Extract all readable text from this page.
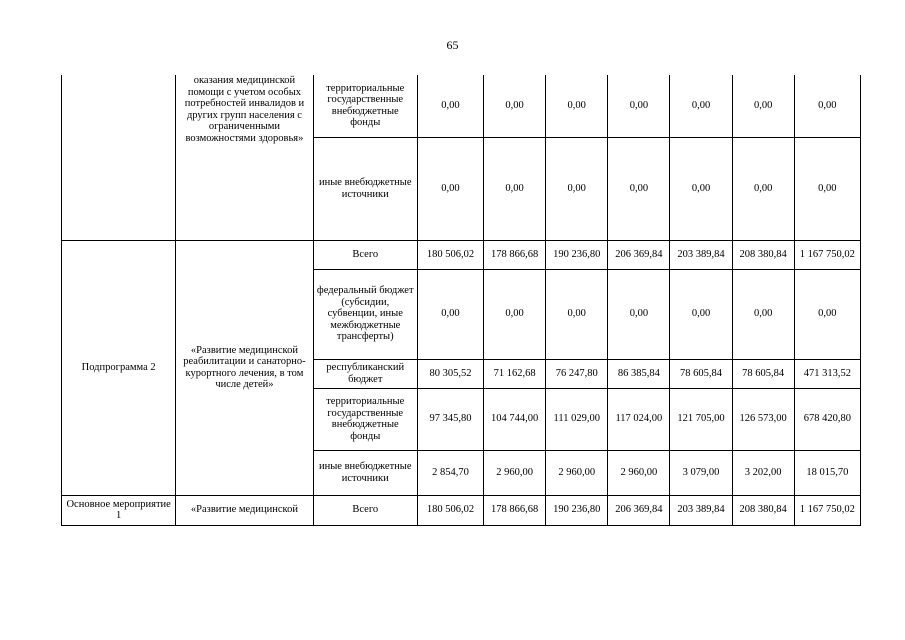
65
	оказания медицинской помощи с учетом особых потребностей инвалидов и других групп населения с ограниченными возможностями здоровья»	территориальные государственные внебюджетные фонды	0,00	0,00	0,00	0,00	0,00	0,00	0,00
		иные внебюджетные источники	0,00	0,00	0,00	0,00	0,00	0,00	0,00
Подпрограмма 2	«Развитие медицинской реабилитации и санаторно-курортного лечения, в том числе детей»	Всего	180 506,02	178 866,68	190 236,80	206 369,84	203 389,84	208 380,84	1 167 750,02
		федеральный бюджет (субсидии, субвенции, иные межбюджетные трансферты)	0,00	0,00	0,00	0,00	0,00	0,00	0,00
		республиканский бюджет	80 305,52	71 162,68	76 247,80	86 385,84	78 605,84	78 605,84	471 313,52
		территориальные государственные внебюджетные фонды	97 345,80	104 744,00	111 029,00	117 024,00	121 705,00	126 573,00	678 420,80
		иные внебюджетные источники	2 854,70	2 960,00	2 960,00	2 960,00	3 079,00	3 202,00	18 015,70
Основное мероприятие 1	«Развитие медицинской	Всего	180 506,02	178 866,68	190 236,80	206 369,84	203 389,84	208 380,84	1 167 750,02
